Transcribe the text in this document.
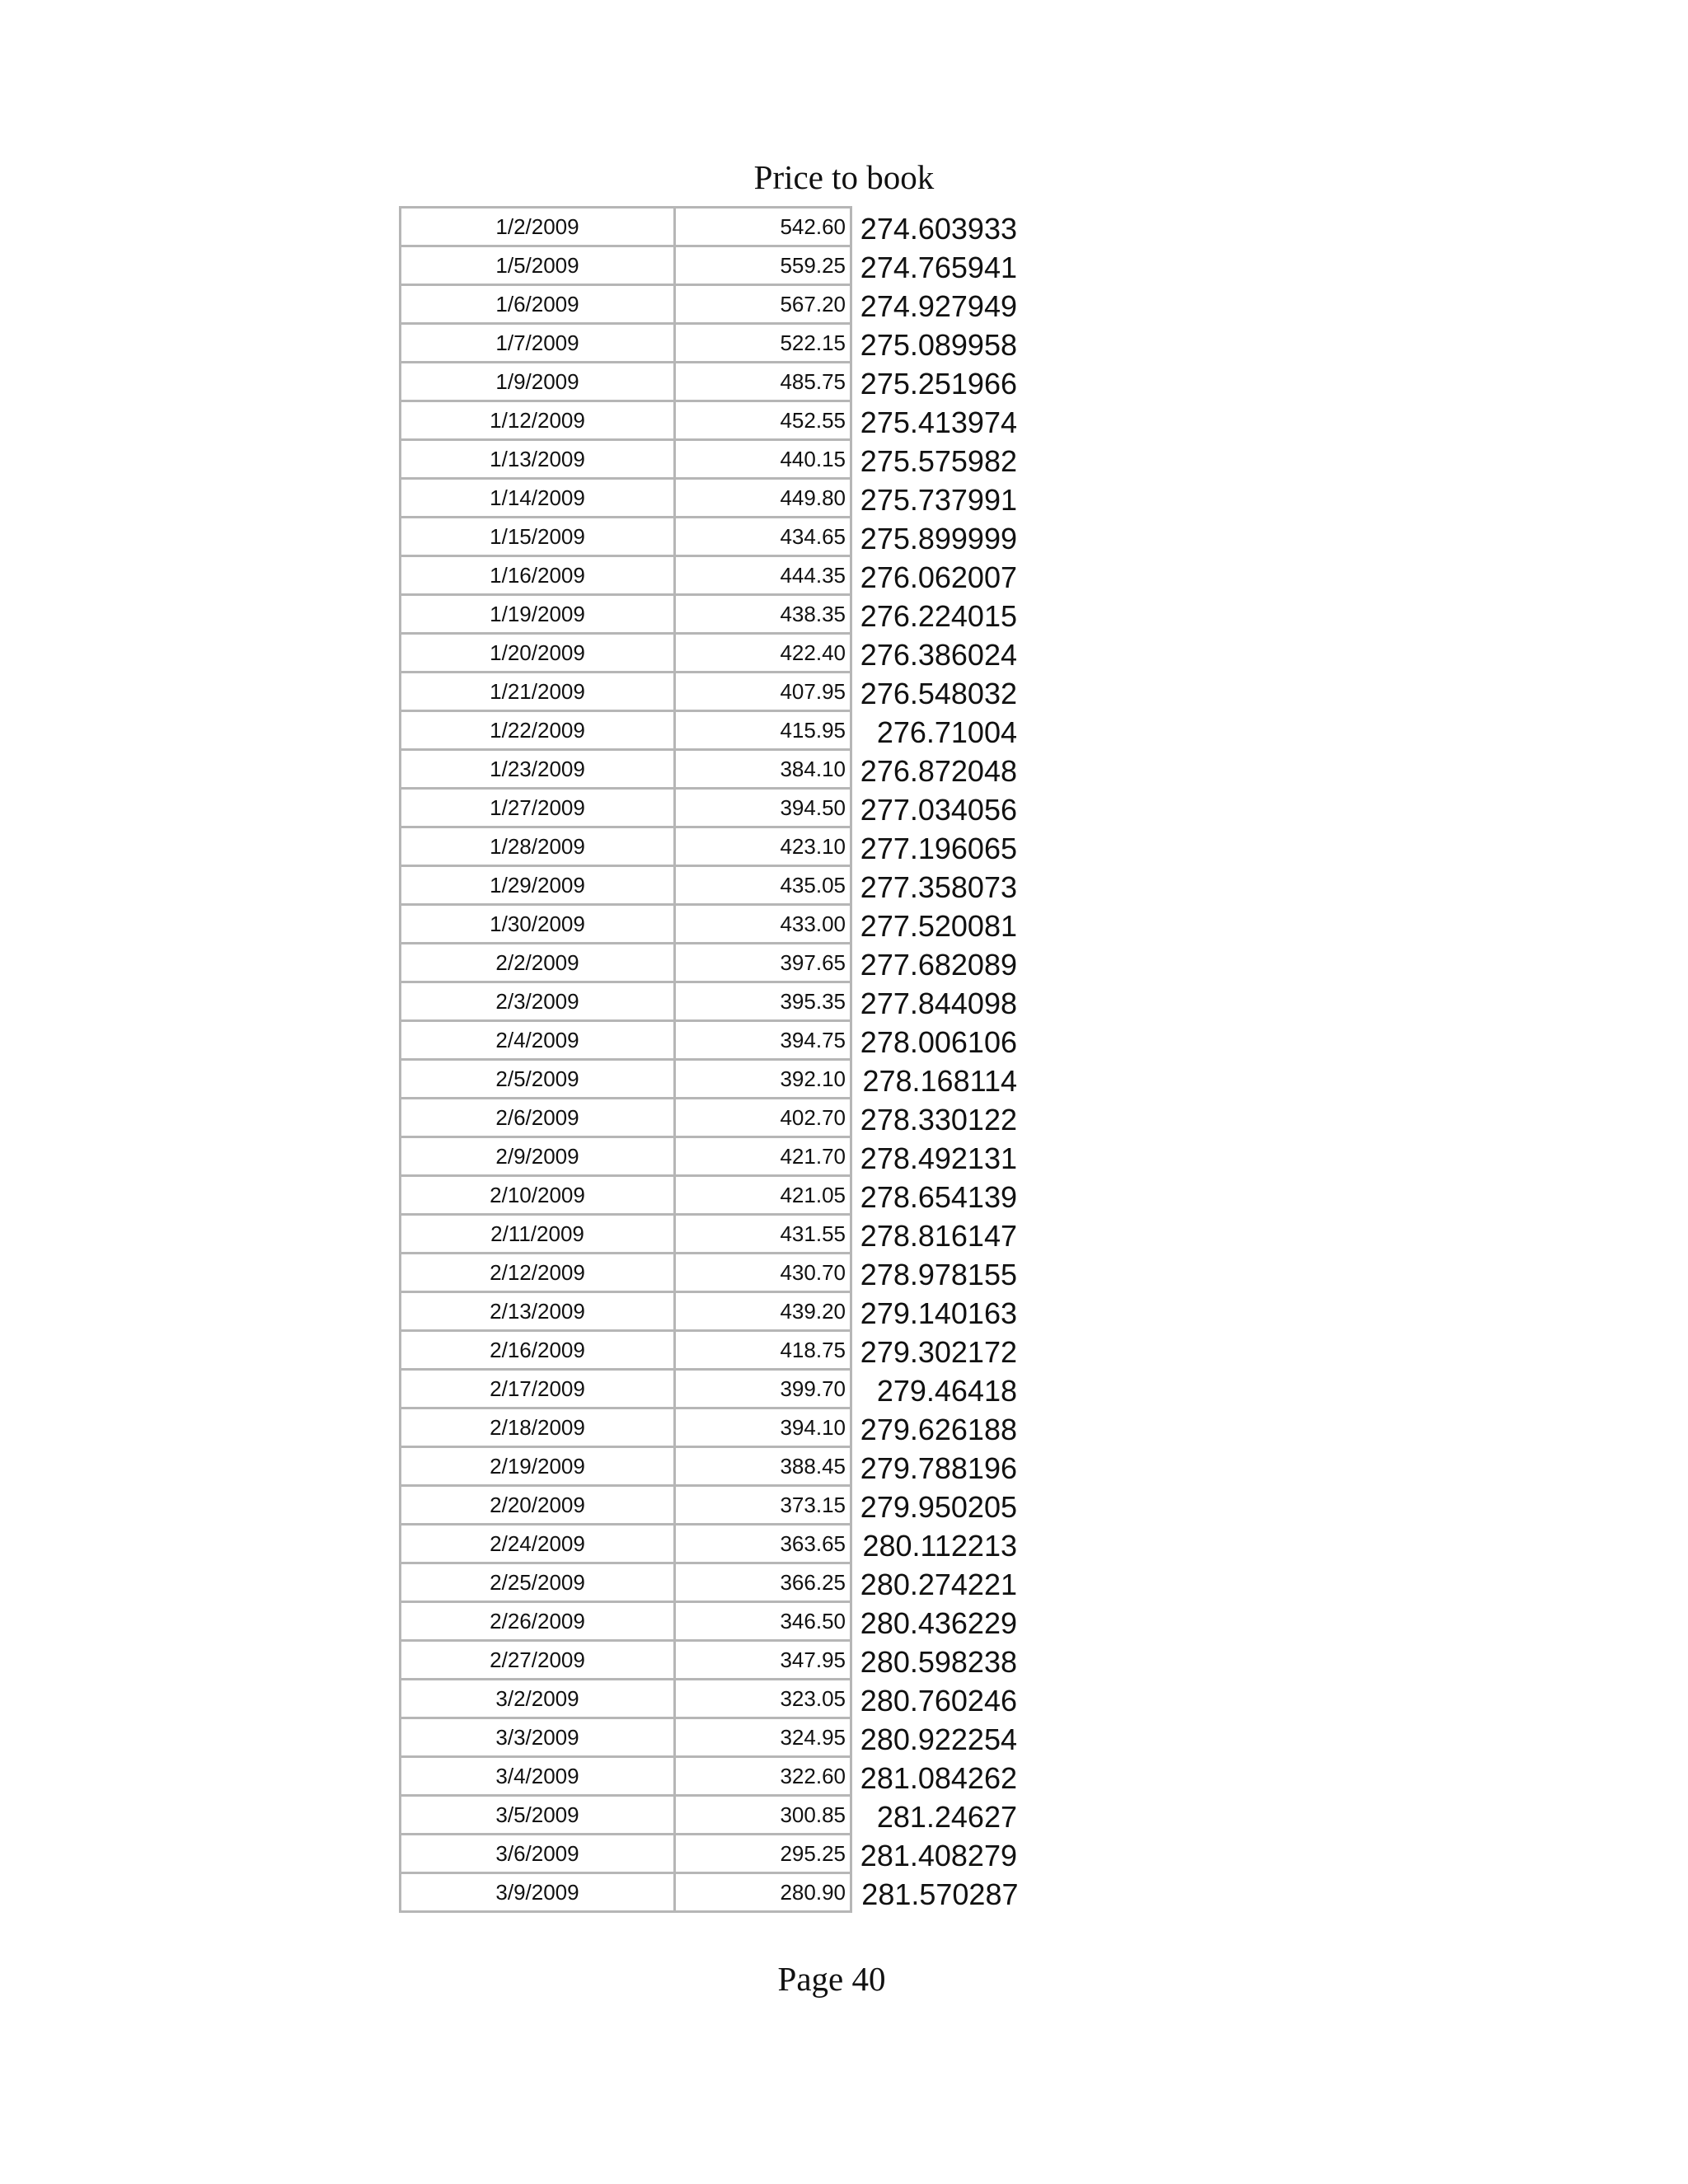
Price to book
1/2/2009	542.60	274.603933
1/5/2009	559.25	274.765941
1/6/2009	567.20	274.927949
1/7/2009	522.15	275.089958
1/9/2009	485.75	275.251966
1/12/2009	452.55	275.413974
1/13/2009	440.15	275.575982
1/14/2009	449.80	275.737991
1/15/2009	434.65	275.899999
1/16/2009	444.35	276.062007
1/19/2009	438.35	276.224015
1/20/2009	422.40	276.386024
1/21/2009	407.95	276.548032
1/22/2009	415.95	276.71004
1/23/2009	384.10	276.872048
1/27/2009	394.50	277.034056
1/28/2009	423.10	277.196065
1/29/2009	435.05	277.358073
1/30/2009	433.00	277.520081
2/2/2009	397.65	277.682089
2/3/2009	395.35	277.844098
2/4/2009	394.75	278.006106
2/5/2009	392.10	278.168114
2/6/2009	402.70	278.330122
2/9/2009	421.70	278.492131
2/10/2009	421.05	278.654139
2/11/2009	431.55	278.816147
2/12/2009	430.70	278.978155
2/13/2009	439.20	279.140163
2/16/2009	418.75	279.302172
2/17/2009	399.70	279.46418
2/18/2009	394.10	279.626188
2/19/2009	388.45	279.788196
2/20/2009	373.15	279.950205
2/24/2009	363.65	280.112213
2/25/2009	366.25	280.274221
2/26/2009	346.50	280.436229
2/27/2009	347.95	280.598238
3/2/2009	323.05	280.760246
3/3/2009	324.95	280.922254
3/4/2009	322.60	281.084262
3/5/2009	300.85	281.24627
3/6/2009	295.25	281.408279
3/9/2009	280.90	281.570287
Page 40
